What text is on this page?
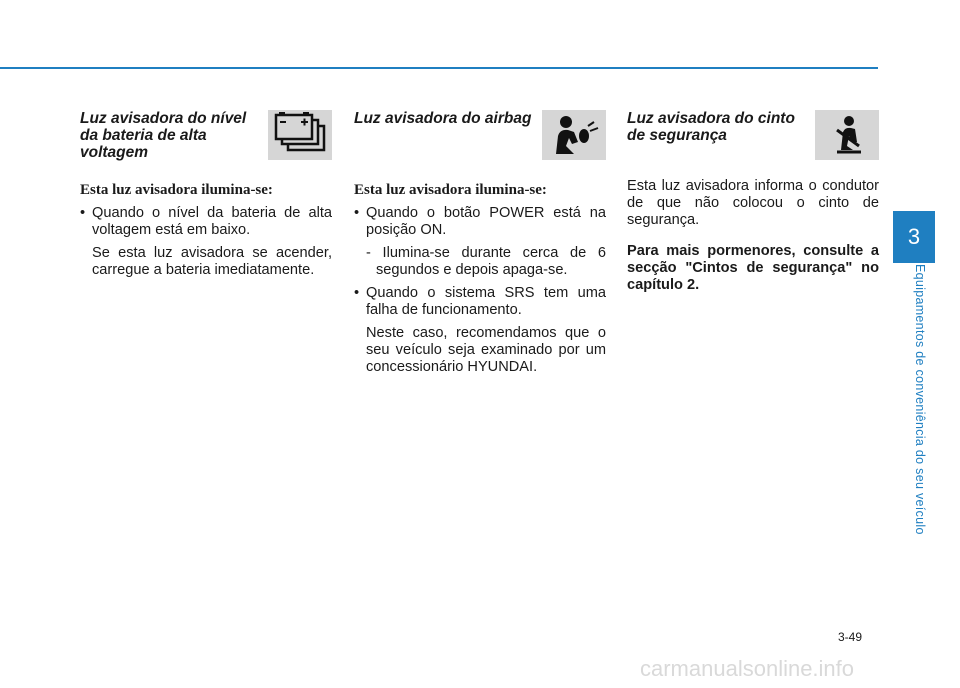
3
Equipamentos de conveniência do seu veículo
Luz avisadora do nível da bateria de alta voltagem
Esta luz avisadora ilumina-se:
• Quando o nível da bateria de alta voltagem está em baixo.
Se esta luz avisadora se acender, carregue a bateria imediatamente.
Luz avisadora do airbag
Esta luz avisadora ilumina-se:
• Quando o botão POWER está na posição ON.
- Ilumina-se durante cerca de 6 segundos e depois apaga-se.
• Quando o sistema SRS tem uma falha de funcionamento.
Neste caso, recomendamos que o seu veículo seja examinado por um concessionário HYUNDAI.
Luz avisadora do cinto de segurança
Esta luz avisadora informa o condutor de que não colocou o cinto de segurança.
Para mais pormenores, consulte a secção "Cintos de segurança" no capítulo 2.
3-49
carmanualsonline.info
